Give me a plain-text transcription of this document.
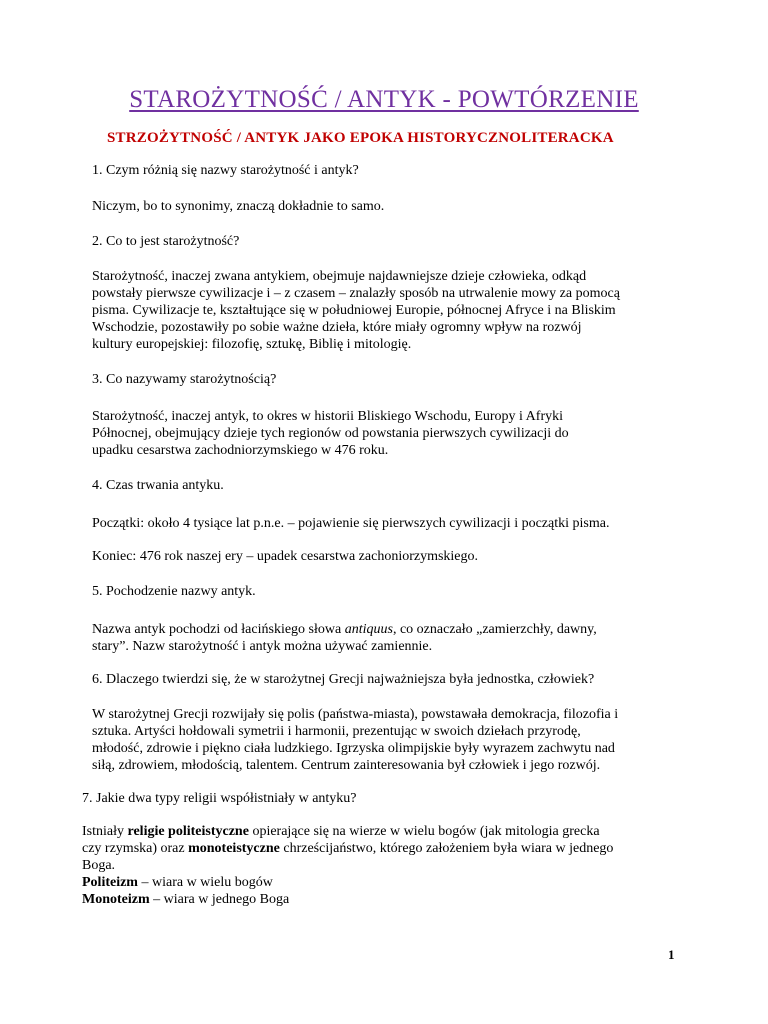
STAROŻYTNOŚĆ / ANTYK - POWTÓRZENIE
STRZOŻYTNOŚĆ / ANTYK JAKO EPOKA HISTORYCZNOLITERACKA

1. Czym różnią się nazwy starożytność i antyk?

Niczym, bo to synonimy, znaczą dokładnie to samo.

2. Co to jest starożytność?

Starożytność, inaczej zwana antykiem, obejmuje najdawniejsze dzieje człowieka, odkąd

powstały pierwsze cywilizacje i – z czasem – znalazły sposób na utrwalenie mowy za pomocą

pisma. Cywilizacje te, kształtujące się w południowej Europie, północnej Afryce i na Bliskim

Wschodzie, pozostawiły po sobie ważne dzieła, które miały ogromny wpływ na rozwój

kultury europejskiej: filozofię, sztukę, Biblię i mitologię.

3. Co nazywamy starożytnością?

Starożytność, inaczej antyk, to okres w historii Bliskiego Wschodu, Europy i Afryki

Północnej, obejmujący dzieje tych regionów od powstania pierwszych cywilizacji do

upadku cesarstwa zachodniorzymskiego w 476 roku.

4. Czas trwania antyku.

Początki: około 4 tysiące lat p.n.e. – pojawienie się pierwszych cywilizacji i początki pisma.

Koniec: 476 rok naszej ery – upadek cesarstwa zachoniorzymskiego.

5. Pochodzenie nazwy antyk.

Nazwa antyk pochodzi od łacińskiego słowa antiquus, co oznaczało „zamierzchły, dawny,

stary”. Nazw starożytność i antyk można używać zamiennie.

6. Dlaczego twierdzi się, że w starożytnej Grecji najważniejsza była jednostka, człowiek?

W starożytnej Grecji rozwijały się polis (państwa-miasta), powstawała demokracja, filozofia i

sztuka. Artyści hołdowali symetrii i harmonii, prezentując w swoich dziełach przyrodę,

młodość, zdrowie i piękno ciała ludzkiego. Igrzyska olimpijskie były wyrazem zachwytu nad

siłą, zdrowiem, młodością, talentem. Centrum zainteresowania był człowiek i jego rozwój.

7. Jakie dwa typy religii współistniały w antyku?

Istniały religie politeistyczne opierające się na wierze w wielu bogów (jak mitologia grecka

czy rzymska) oraz monoteistyczne chrześcijaństwo, którego założeniem była wiara w jednego

Boga.

Politeizm – wiara w wielu bogów

Monoteizm – wiara w jednego Boga

1
